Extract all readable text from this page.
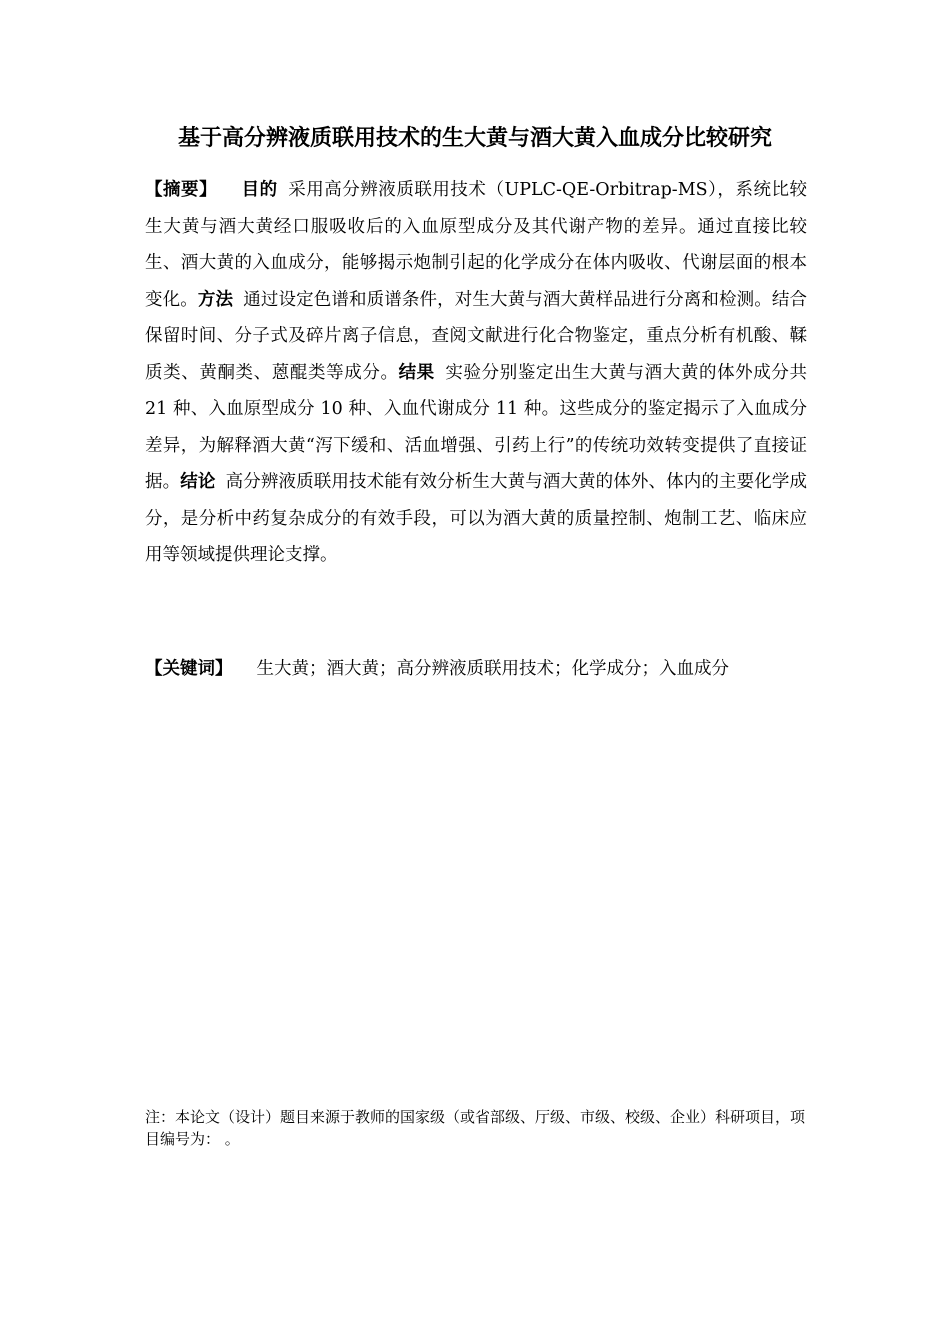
基于高分辨液质联用技术的生大黄与酒大黄入血成分比较研究

【摘要】 目的 采用高分辨液质联用技术（UPLC-QE-Orbitrap-MS），系统比较生大黄与酒大黄经口服吸收后的入血原型成分及其代谢产物的差异。通过直接比较生、酒大黄的入血成分，能够揭示炮制引起的化学成分在体内吸收、代谢层面的根本变化。方法 通过设定色谱和质谱条件，对生大黄与酒大黄样品进行分离和检测。结合保留时间、分子式及碎片离子信息，查阅文献进行化合物鉴定，重点分析有机酸、鞣质类、黄酮类、蒽醌类等成分。结果 实验分别鉴定出生大黄与酒大黄的体外成分共 21 种、入血原型成分 10 种、入血代谢成分 11 种。这些成分的鉴定揭示了入血成分差异，为解释酒大黄“泻下缓和、活血增强、引药上行”的传统功效转变提供了直接证据。结论 高分辨液质联用技术能有效分析生大黄与酒大黄的体外、体内的主要化学成分，是分析中药复杂成分的有效手段，可以为酒大黄的质量控制、炮制工艺、临床应用等领域提供理论支撑。

【关键词】 生大黄；酒大黄；高分辨液质联用技术；化学成分；入血成分

注：本论文（设计）题目来源于教师的国家级（或省部级、厅级、市级、校级、企业）科研项目，项目编号为： 。
